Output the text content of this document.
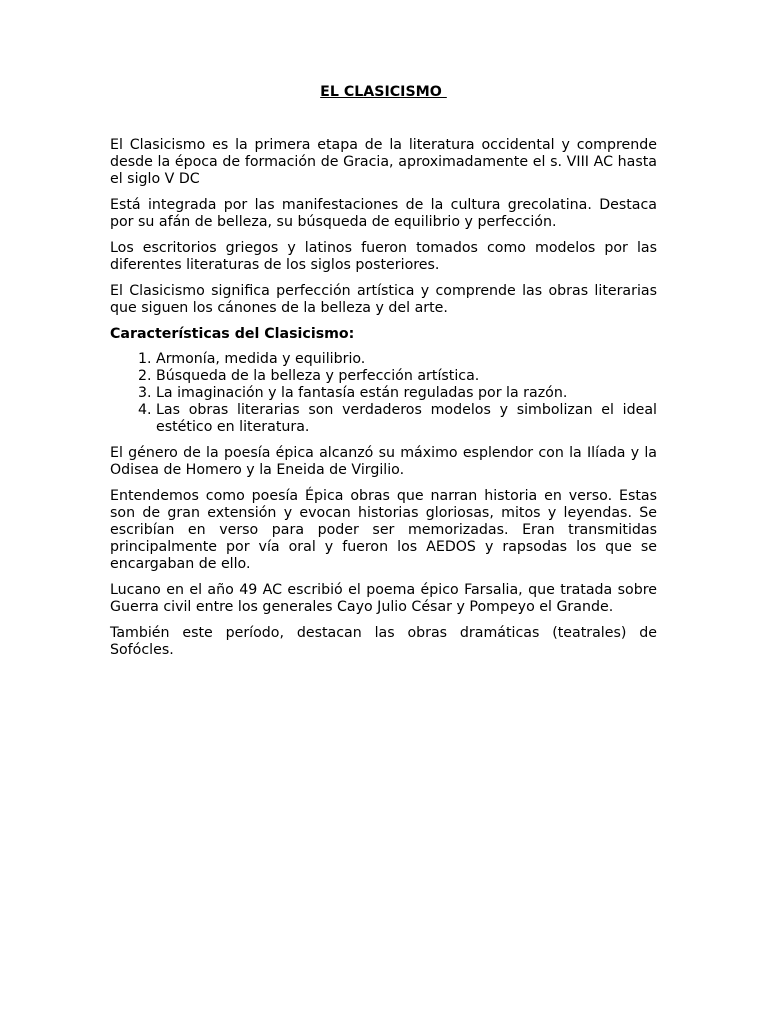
EL CLASICISMO

El Clasicismo es la primera etapa de la literatura occidental y comprende desde la época de formación de Gracia, aproximadamente el s. VIII AC hasta el siglo V DC

Está integrada por las manifestaciones de la cultura grecolatina. Destaca por su afán de belleza, su búsqueda de equilibrio y perfección.

Los escritorios griegos y latinos fueron tomados como modelos por las diferentes literaturas de los siglos posteriores.

El Clasicismo significa perfección artística y comprende las obras literarias que siguen los cánones de la belleza y del arte.

Características del Clasicismo:
1. Armonía, medida y equilibrio.
2. Búsqueda de la belleza y perfección artística.
3. La imaginación y la fantasía están reguladas por la razón.
4. Las obras literarias son verdaderos modelos y simbolizan el ideal estético en literatura.

El género de la poesía épica alcanzó su máximo esplendor con la Ilíada y la Odisea de Homero y la Eneida de Virgilio.

Entendemos como poesía Épica obras que narran historia en verso. Estas son de gran extensión y evocan historias gloriosas, mitos y leyendas. Se escribían en verso para poder ser memorizadas. Eran transmitidas principalmente por vía oral y fueron los AEDOS y rapsodas los que se encargaban de ello.

Lucano en el año 49 AC escribió el poema épico Farsalia, que tratada sobre Guerra civil entre los generales Cayo Julio César y Pompeyo el Grande.

También este período, destacan las obras dramáticas (teatrales) de Sofócles.
